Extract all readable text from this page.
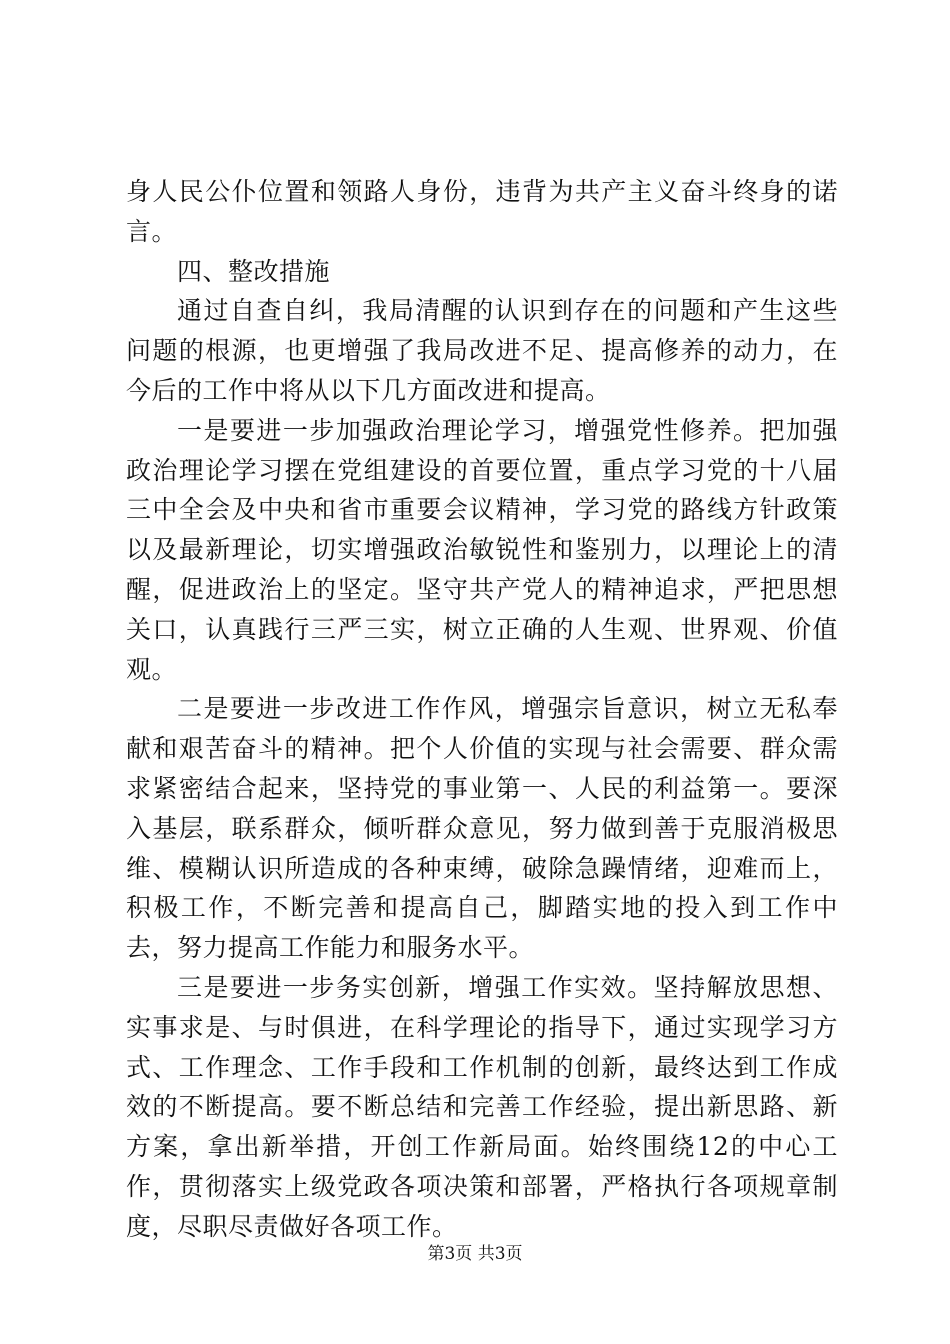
身人民公仆位置和领路人身份，违背为共产主义奋斗终身的诺言。

四、整改措施

通过自查自纠，我局清醒的认识到存在的问题和产生这些问题的根源，也更增强了我局改进不足、提高修养的动力，在今后的工作中将从以下几方面改进和提高。

一是要进一步加强政治理论学习，增强党性修养。把加强政治理论学习摆在党组建设的首要位置，重点学习党的十八届三中全会及中央和省市重要会议精神，学习党的路线方针政策以及最新理论，切实增强政治敏锐性和鉴别力，以理论上的清醒，促进政治上的坚定。坚守共产党人的精神追求，严把思想关口，认真践行三严三实，树立正确的人生观、世界观、价值观。

二是要进一步改进工作作风，增强宗旨意识，树立无私奉献和艰苦奋斗的精神。把个人价值的实现与社会需要、群众需求紧密结合起来，坚持党的事业第一、人民的利益第一。要深入基层，联系群众，倾听群众意见，努力做到善于克服消极思维、模糊认识所造成的各种束缚，破除急躁情绪，迎难而上，积极工作，不断完善和提高自己，脚踏实地的投入到工作中去，努力提高工作能力和服务水平。

三是要进一步务实创新，增强工作实效。坚持解放思想、实事求是、与时俱进，在科学理论的指导下，通过实现学习方式、工作理念、工作手段和工作机制的创新，最终达到工作成效的不断提高。要不断总结和完善工作经验，提出新思路、新方案，拿出新举措，开创工作新局面。始终围绕12的中心工作，贯彻落实上级党政各项决策和部署，严格执行各项规章制度，尽职尽责做好各项工作。

第3页 共3页
